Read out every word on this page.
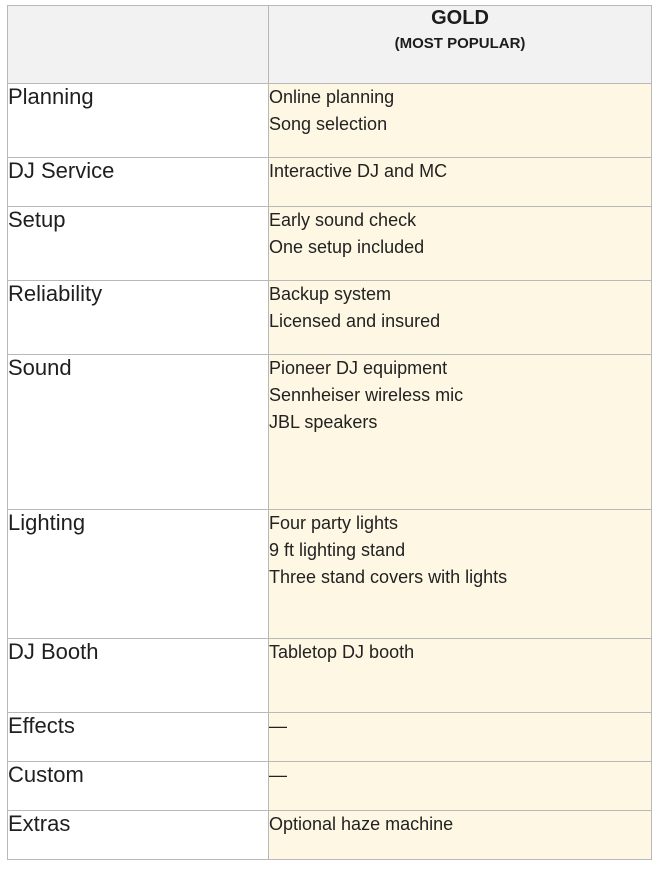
	GOLD
(MOST POPULAR)

Planning	Online planning
Song selection

DJ Service	Interactive DJ and MC

Setup	Early sound check
One setup included

Reliability	Backup system
Licensed and insured

Sound	Pioneer DJ equipment
Sennheiser wireless mic
JBL speakers

Lighting	Four party lights
9 ft lighting stand
Three stand covers with lights

DJ Booth	Tabletop DJ booth

Effects	—

Custom	—

Extras	Optional haze machine
